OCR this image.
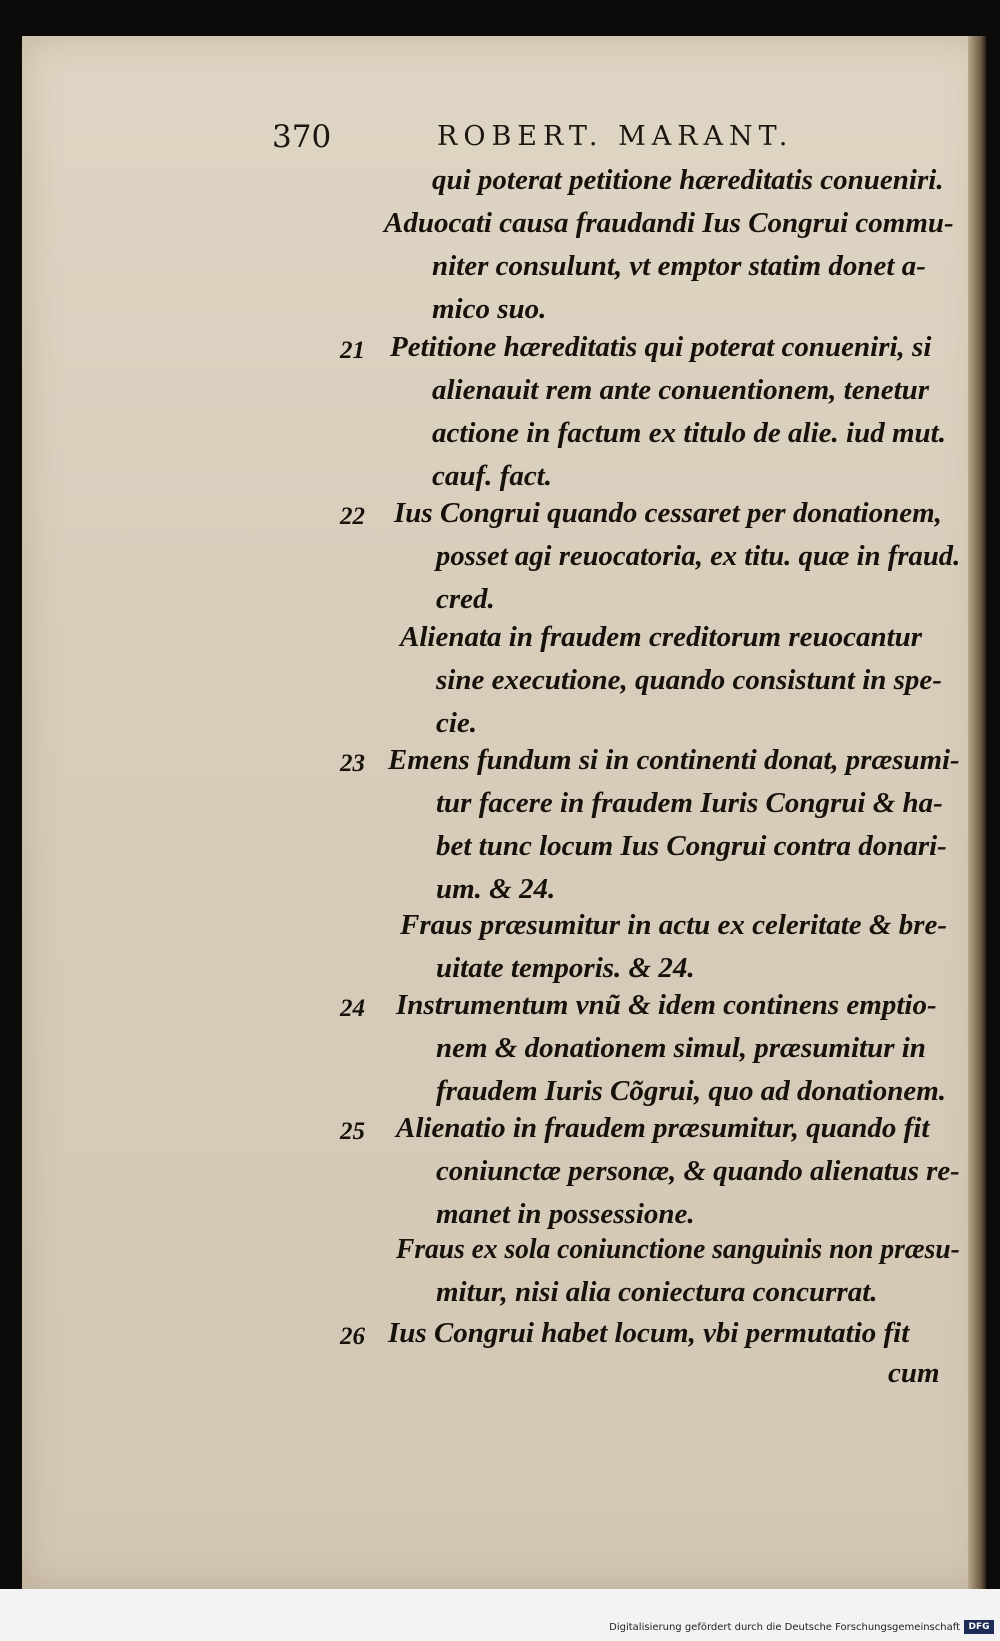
370	ROBERT. MARANT.
qui poterat petitione hæreditatis conueniri.
Aduocati causa fraudandi Ius Congrui commu-
niter consulunt, vt emptor statim donet a-
mico suo.
Petitione hæreditatis qui poterat conueniri, si
alienauit rem ante conuentionem, tenetur
actione in factum ex titulo de alie. iud mut.
cauf. fact.
Ius Congrui quando cessaret per donationem,
posset agi reuocatoria, ex titu. quæ in fraud.
cred.
Alienata in fraudem creditorum reuocantur
sine executione, quando consistunt in spe-
cie.
Emens fundum si in continenti donat, præsumi-
tur facere in fraudem Iuris Congrui & ha-
bet tunc locum Ius Congrui contra donari-
um. & 24.
Fraus præsumitur in actu ex celeritate & bre-
uitate temporis. & 24.
Instrumentum vnũ & idem continens emptio-
nem & donationem simul, præsumitur in
fraudem Iuris Cõgrui, quo ad donationem.
Alienatio in fraudem præsumitur, quando fit
coniunctæ personæ, & quando alienatus re-
manet in possessione.
Fraus ex sola coniunctione sanguinis non præsu-
mitur, nisi alia coniectura concurrat.
Ius Congrui habet locum, vbi permutatio fit
cum
21
22
23
24
25
26
Digitalisierung gefördert durch die Deutsche Forschungsgemeinschaft DFG
